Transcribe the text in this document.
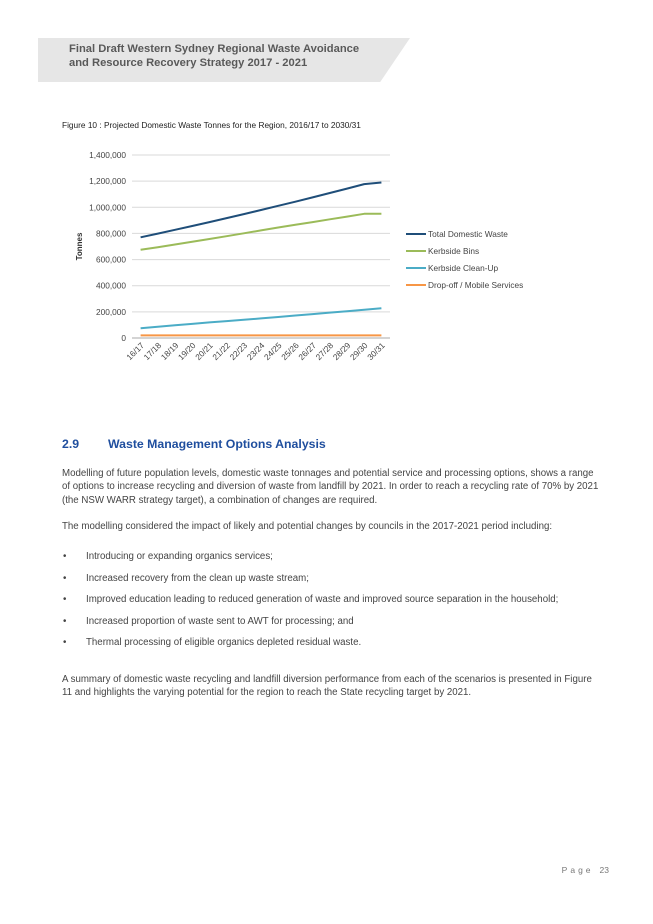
Final Draft Western Sydney Regional Waste Avoidance
and Resource Recovery Strategy 2017 - 2021
Figure 10 : Projected Domestic Waste Tonnes for the Region, 2016/17 to 2030/31
0
200,000
400,000
600,000
800,000
1,000,000
1,200,000
1,400,000
Tonnes
16/17
17/18
18/19
19/20
20/21
21/22
22/23
23/24
24/25
25/26
26/27
27/28
28/29
29/30
30/31
Total Domestic Waste
Kerbside Bins
Kerbside Clean-Up
Drop-off / Mobile Services
2.9 Waste Management Options Analysis
Modelling of future population levels, domestic waste tonnages and potential service and processing options, shows a range of options to increase recycling and diversion of waste from landfill by 2021. In order to reach a recycling rate of 70% by 2021 (the NSW WARR strategy target), a combination of changes are required.
The modelling considered the impact of likely and potential changes by councils in the 2017-2021 period including:
• Introducing or expanding organics services;
• Increased recovery from the clean up waste stream;
• Improved education leading to reduced generation of waste and improved source separation in the household;
• Increased proportion of waste sent to AWT for processing; and
• Thermal processing of eligible organics depleted residual waste.
A summary of domestic waste recycling and landfill diversion performance from each of the scenarios is presented in Figure 11 and highlights the varying potential for the region to reach the State recycling target by 2021.
Page 23
